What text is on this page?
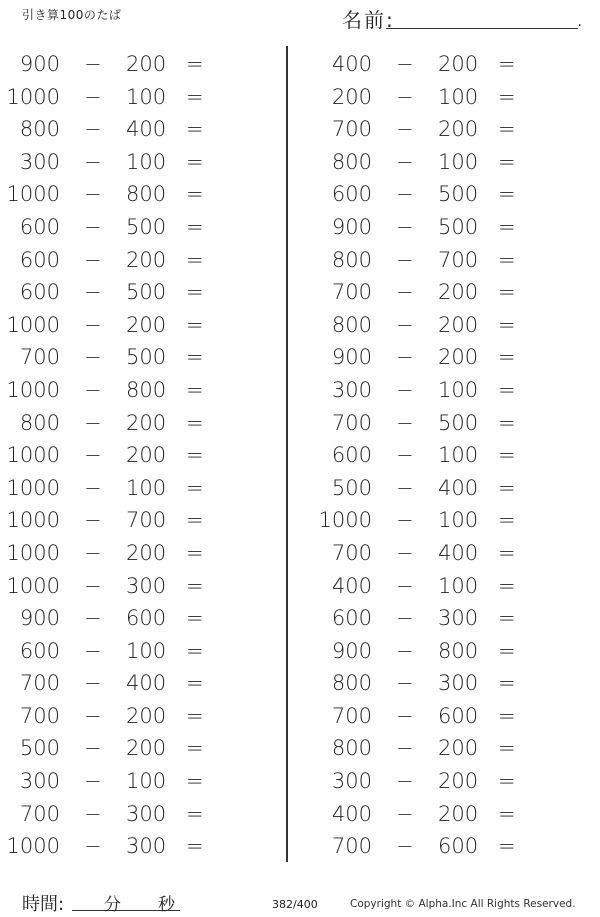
引き算100のたば	名前:	.
900 − 200 =
1000 − 100 =
800 − 400 =
300 − 100 =
1000 − 800 =
600 − 500 =
600 − 200 =
600 − 500 =
1000 − 200 =
700 − 500 =
1000 − 800 =
800 − 200 =
1000 − 200 =
1000 − 100 =
1000 − 700 =
1000 − 200 =
1000 − 300 =
900 − 600 =
600 − 100 =
700 − 400 =
700 − 200 =
500 − 200 =
300 − 100 =
700 − 300 =
1000 − 300 =
400 − 200 =
200 − 100 =
700 − 200 =
800 − 100 =
600 − 500 =
900 − 500 =
800 − 700 =
700 − 200 =
800 − 200 =
900 − 200 =
300 − 100 =
700 − 500 =
600 − 100 =
500 − 400 =
1000 − 100 =
700 − 400 =
400 − 100 =
600 − 300 =
900 − 800 =
800 − 300 =
700 − 600 =
800 − 200 =
300 − 200 =
400 − 200 =
700 − 600 =
時間: 分 秒	382/400	Copyright © Alpha.Inc All Rights Reserved.
